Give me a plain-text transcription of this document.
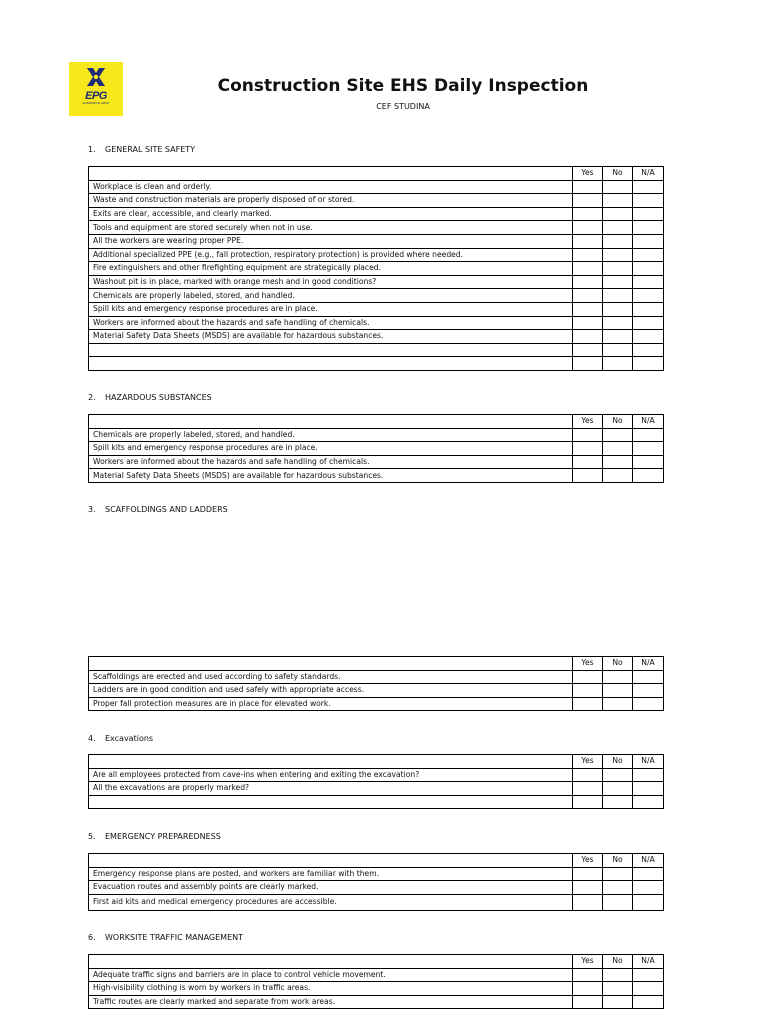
EPG
EUROPROD GRUP
Construction Site EHS Daily Inspection
CEF STUDINA
1. GENERAL SITE SAFETY
	Yes	No	N/A
Workplace is clean and orderly.			
Waste and construction materials are properly disposed of or stored.			
Exits are clear, accessible, and clearly marked.			
Tools and equipment are stored securely when not in use.			
All the workers are wearing proper PPE.			
Additional specialized PPE (e.g., fall protection, respiratory protection) is provided where needed.			
Fire extinguishers and other firefighting equipment are strategically placed.			
Washout pit is in place, marked with orange mesh and in good conditions?			
Chemicals are properly labeled, stored, and handled.			
Spill kits and emergency response procedures are in place.			
Workers are informed about the hazards and safe handling of chemicals.			
Material Safety Data Sheets (MSDS) are available for hazardous substances.			

2. HAZARDOUS SUBSTANCES
	Yes	No	N/A
Chemicals are properly labeled, stored, and handled.			
Spill kits and emergency response procedures are in place.			
Workers are informed about the hazards and safe handling of chemicals.			
Material Safety Data Sheets (MSDS) are available for hazardous substances.			
3. SCAFFOLDINGS AND LADDERS
	Yes	No	N/A
Scaffoldings are erected and used according to safety standards.			
Ladders are in good condition and used safely with appropriate access.			
Proper fall protection measures are in place for elevated work.			
4. Excavations
	Yes	No	N/A
Are all employees protected from cave-ins when entering and exiting the excavation?			
All the excavations are properly marked?			

5. EMERGENCY PREPAREDNESS
	Yes	No	N/A
Emergency response plans are posted, and workers are familiar with them.			
Evacuation routes and assembly points are clearly marked.			
First aid kits and medical emergency procedures are accessible.			
6. WORKSITE TRAFFIC MANAGEMENT
	Yes	No	N/A
Adequate traffic signs and barriers are in place to control vehicle movement.			
High-visibility clothing is worn by workers in traffic areas.			
Traffic routes are clearly marked and separate from work areas.			
